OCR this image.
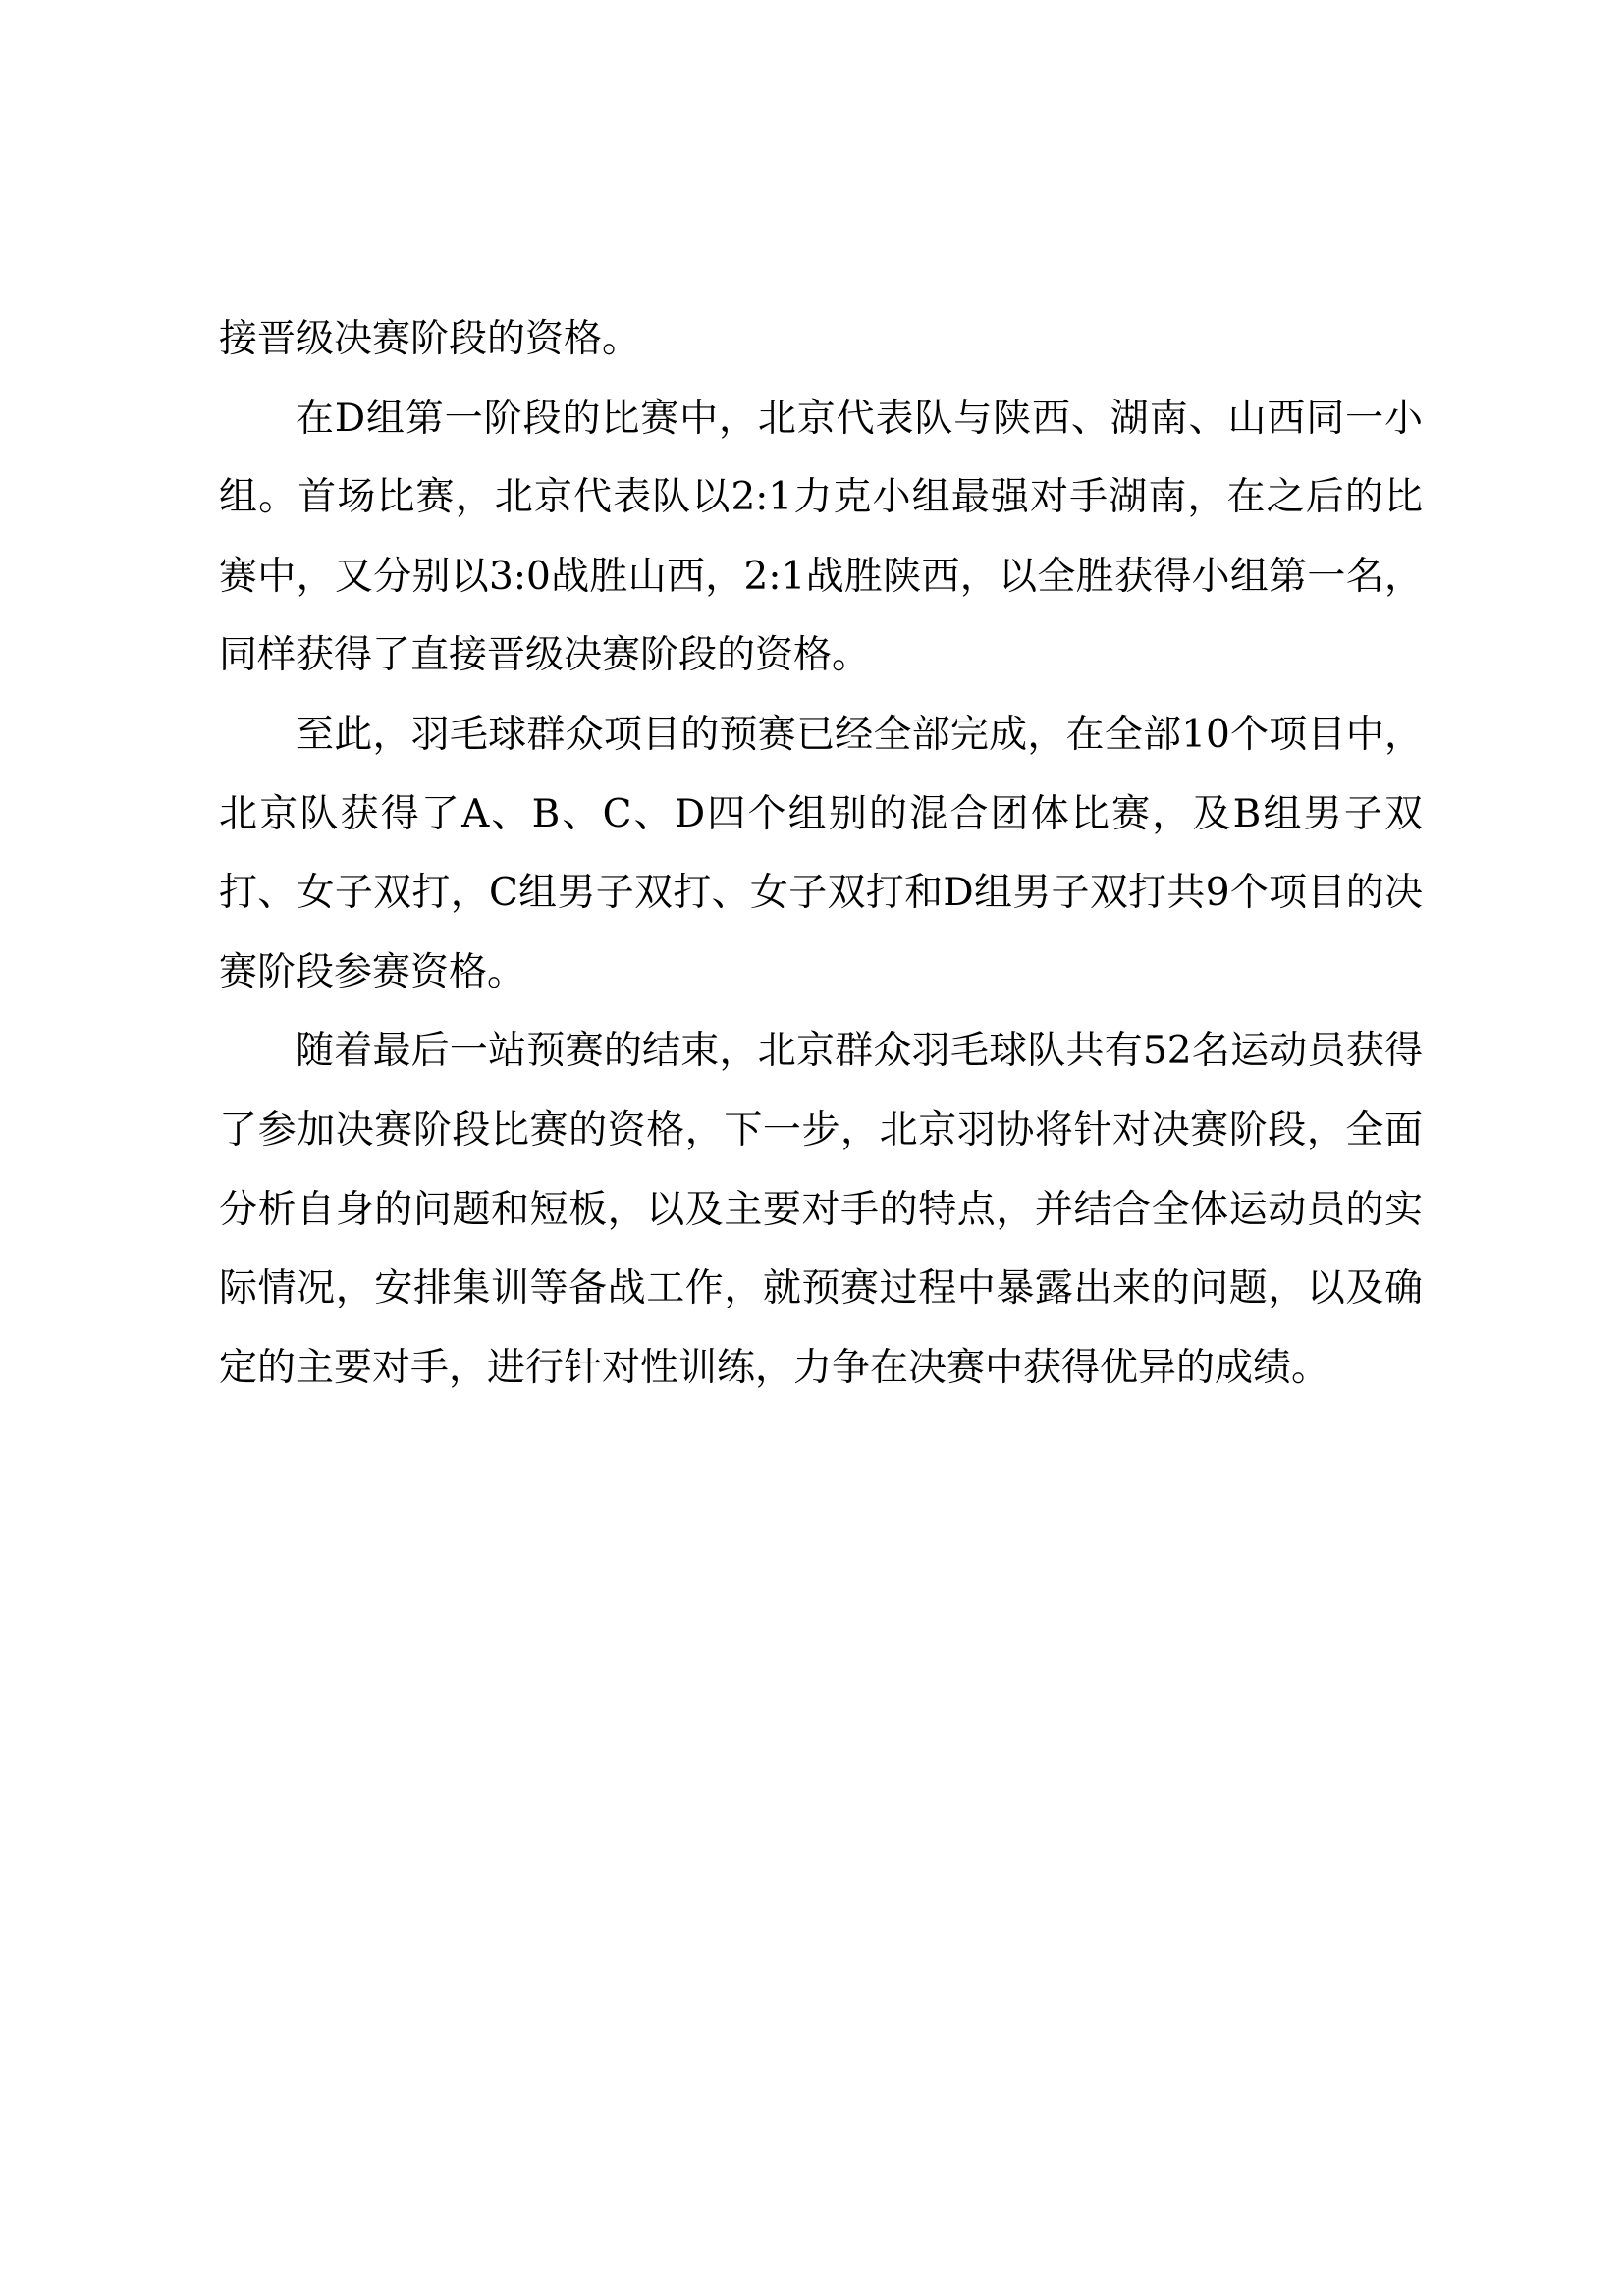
接晋级决赛阶段的资格。

在D组第一阶段的比赛中，北京代表队与陕西、湖南、山西同一小组。首场比赛，北京代表队以2:1力克小组最强对手湖南，在之后的比赛中，又分别以3:0战胜山西，2:1战胜陕西，以全胜获得小组第一名，同样获得了直接晋级决赛阶段的资格。

至此，羽毛球群众项目的预赛已经全部完成，在全部10个项目中，北京队获得了A、B、C、D四个组别的混合团体比赛，及B组男子双打、女子双打，C组男子双打、女子双打和D组男子双打共9个项目的决赛阶段参赛资格。

随着最后一站预赛的结束，北京群众羽毛球队共有52名运动员获得了参加决赛阶段比赛的资格，下一步，北京羽协将针对决赛阶段，全面分析自身的问题和短板，以及主要对手的特点，并结合全体运动员的实际情况，安排集训等备战工作，就预赛过程中暴露出来的问题，以及确定的主要对手，进行针对性训练，力争在决赛中获得优异的成绩。
